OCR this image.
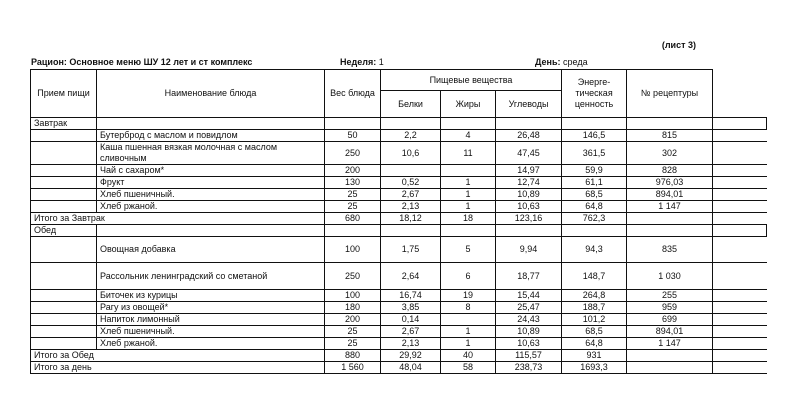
(лист 3)
Рацион: Основное меню ШУ 12 лет и ст комплекс	Неделя: 1	День: среда
Прием пищи	Наименование блюда	Вес блюда	Пищевые вещества			Энерге-тическая ценность	№ рецептуры	
			Белки	Жиры	Углеводы			
Завтрак								
	Бутерброд с маслом и повидлом	50	2,2	4	26,48	146,5	815	
	Каша пшенная вязкая молочная с маслом сливочным	250	10,6	11	47,45	361,5	302	
	Чай с сахаром*	200			14,97	59,9	828	
	Фрукт	130	0,52	1	12,74	61,1	976,03	
	Хлеб пшеничный.	25	2,67	1	10,89	68,5	894,01	
	Хлеб ржаной.	25	2,13	1	10,63	64,8	1 147	
Итого за Завтрак		680	18,12	18	123,16	762,3		
Обед								
	Овощная добавка	100	1,75	5	9,94	94,3	835	
	Рассольник ленинградский со сметаной	250	2,64	6	18,77	148,7	1 030	
	Биточек из курицы	100	16,74	19	15,44	264,8	255	
	Рагу из овощей*	180	3,85	8	25,47	188,7	959	
	Напиток лимонный	200	0,14		24,43	101,2	699	
	Хлеб пшеничный.	25	2,67	1	10,89	68,5	894,01	
	Хлеб ржаной.	25	2,13	1	10,63	64,8	1 147	
Итого за Обед		880	29,92	40	115,57	931		
Итого за день		1 560	48,04	58	238,73	1693,3		
